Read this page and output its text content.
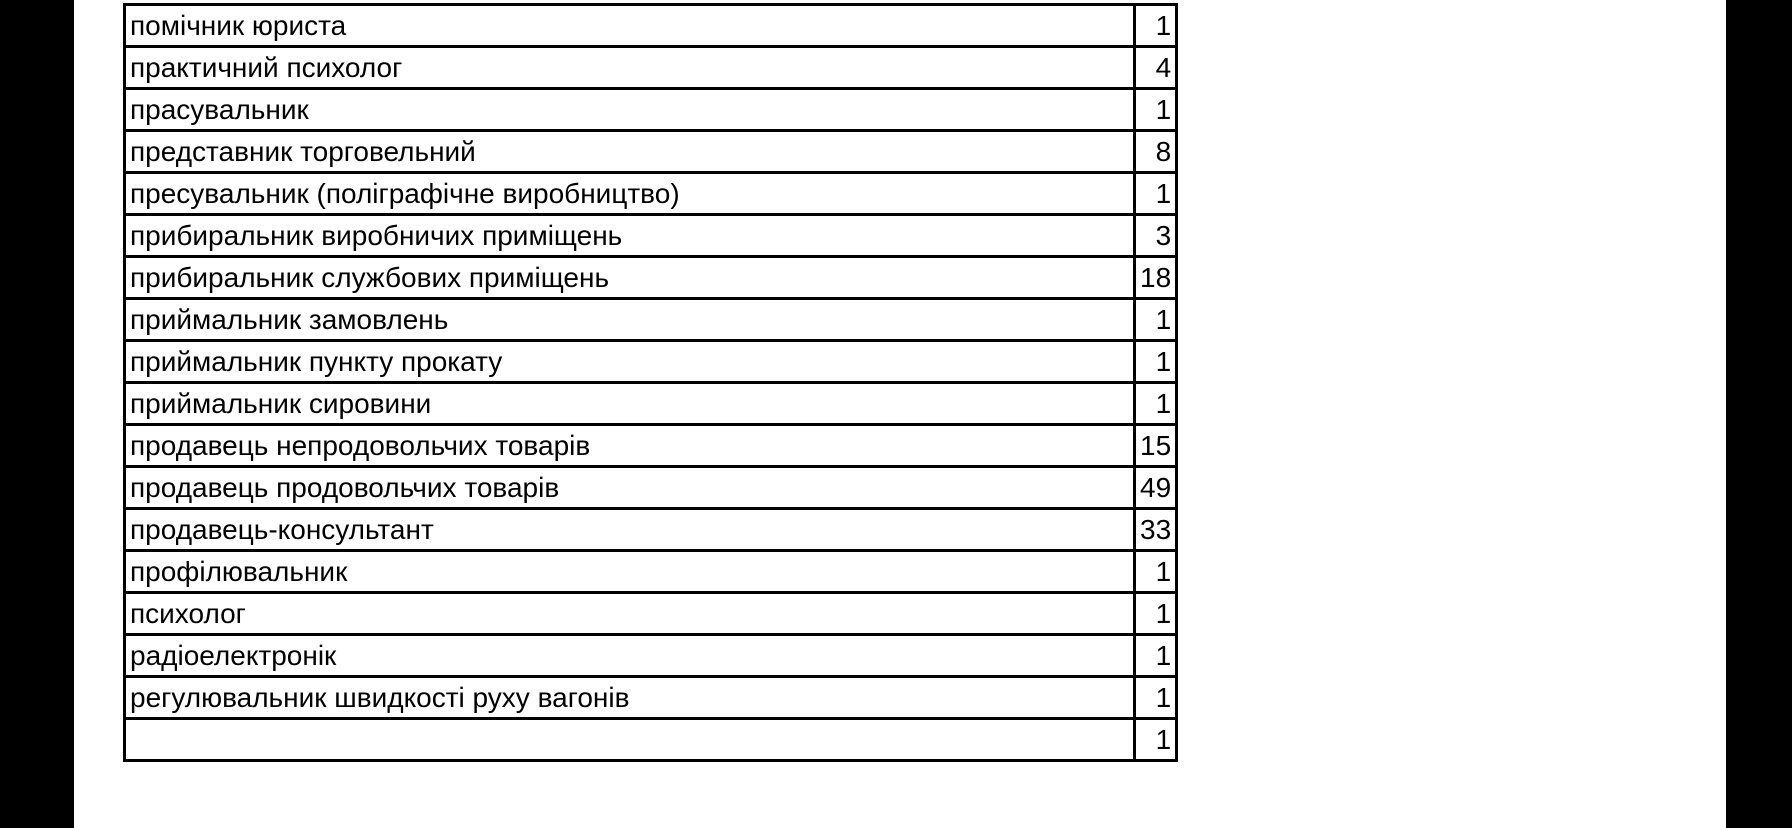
помічник юриста	1
практичний психолог	4
прасувальник	1
представник торговельний	8
пресувальник (поліграфічне виробництво)	1
прибиральник виробничих приміщень	3
прибиральник службових приміщень	18
приймальник замовлень	1
приймальник пункту прокату	1
приймальник сировини	1
продавець непродовольчих товарів	15
продавець продовольчих товарів	49
продавець-консультант	33
профілювальник	1
психолог	1
радіоелектронік	1
регулювальник швидкості руху вагонів	1
	1
